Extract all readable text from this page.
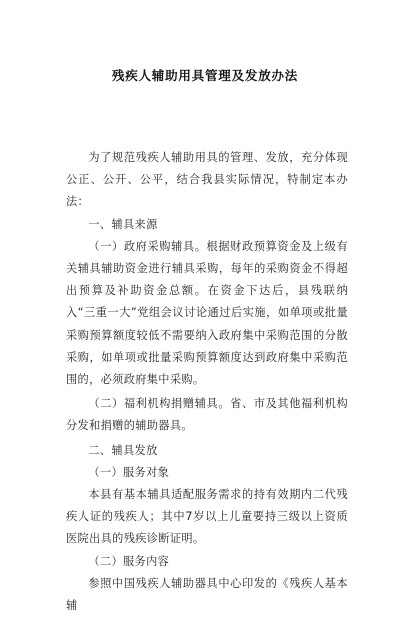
残疾人辅助用具管理及发放办法

为了规范残疾人辅助用具的管理、发放，充分体现公正、公开、公平，结合我县实际情况，特制定本办法：

一、辅具来源

（一）政府采购辅具。根据财政预算资金及上级有关辅具辅助资金进行辅具采购，每年的采购资金不得超出预算及补助资金总额。在资金下达后，县残联纳入“三重一大”党组会议讨论通过后实施，如单项或批量采购预算额度较低不需要纳入政府集中采购范围的分散采购，如单项或批量采购预算额度达到政府集中采购范围的，必须政府集中采购。

（二）福利机构捐赠辅具。省、市及其他福利机构分发和捐赠的辅助器具。

二、辅具发放

（一）服务对象

本县有基本辅具适配服务需求的持有效期内二代残疾人证的残疾人；其中7岁以上儿童要持三级以上资质医院出具的残疾诊断证明。

（二）服务内容

参照中国残疾人辅助器具中心印发的《残疾人基本辅
